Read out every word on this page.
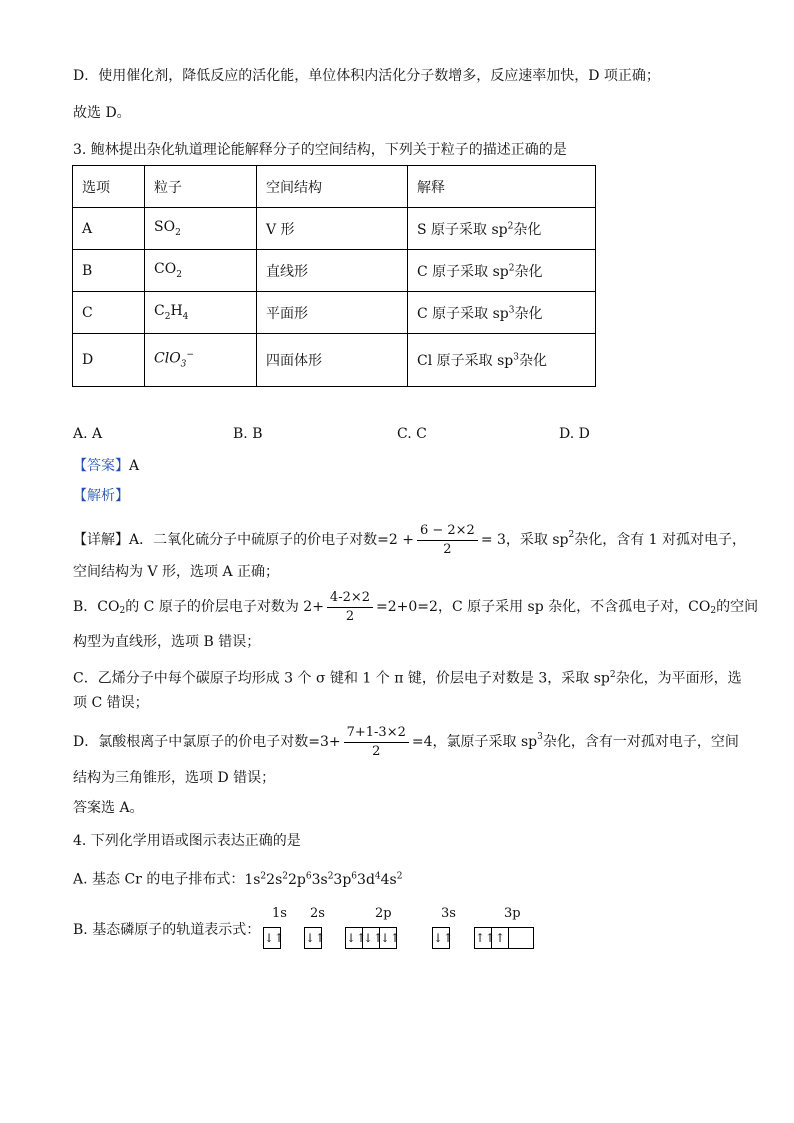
D．使用催化剂，降低反应的活化能，单位体积内活化分子数增多，反应速率加快，D 项正确；
故选 D。
3. 鲍林提出杂化轨道理论能解释分子的空间结构，下列关于粒子的描述正确的是
选项	粒子	空间结构	解释
A	$SO_2$	V 形	S 原子采取 $sp^2$杂化
B	$CO_2$	直线形	C 原子采取 $sp^2$杂化
C	$C_2H_4$	平面形	C 原子采取 $sp^3$杂化
D	ClO$_3$−	四面体形	Cl 原子采取 $sp^3$杂化
A. A	B. B	C. C	D. D
【答案】A
【解析】
【详解】 A．二氧化硫分子中硫原子的价电子对数$=2 + \frac{6 - 2\times 2}{2} = 3$，采取 $sp^2$ 杂化，含有 1 对孤对电子，
空间结构为 V 形，选项 A 正确；
B．$CO_2$ 的 C 原子的价层电子对数为 $2+ \frac{4-2\times 2}{2} =2+0=2$，C 原子采用 sp 杂化，不含孤电子对，$CO_2$ 的空间
构型为直线形，选项 B 错误；
C．乙烯分子中每个碳原子均形成 3 个 σ 键和 1 个 π 键，价层电子对数是 3，采取 $sp^2$杂化，为平面形，选
项 C 错误；
D．氯酸根离子中氯原子的价电子对数$=3+ \frac{7+1-3\times 2}{2} =4$，氯原子采取 $sp^3$ 杂化，含有一对孤对电子，空间
结构为三角锥形，选项 D 错误；
答案选 A。
4. 下列化学用语或图示表达正确的是
A. 基态 Cr 的电子排布式：$1s^22s^22p^63s^23p^63d^44s^2$
B. 基态磷原子的轨道表示式：
1s 2s	2p	3s	3p
↓↑ ↓↑ ↓↑
↓↑
↓↑	↓↑ ↑↑ ↑
